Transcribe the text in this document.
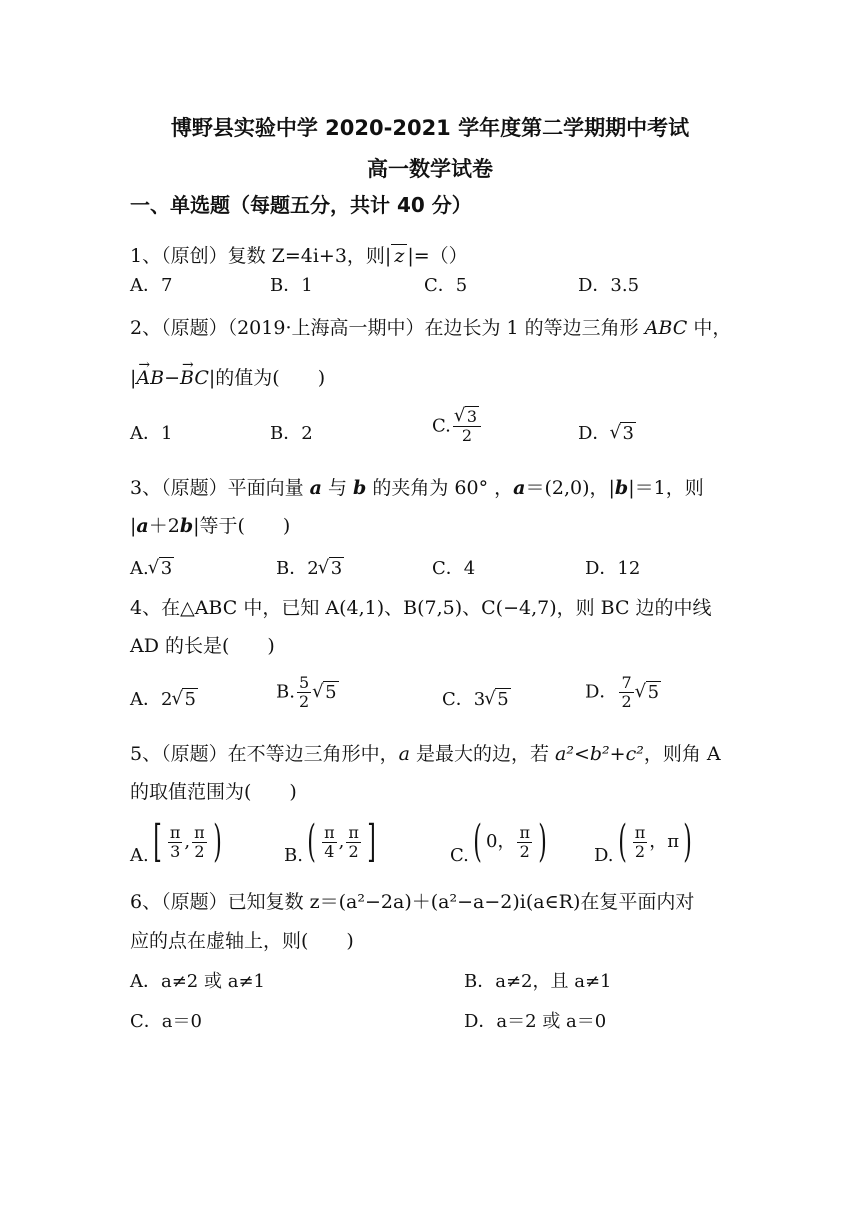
博野县实验中学 2020-2021 学年度第二学期期中考试
高一数学试卷
一、单选题（每题五分，共计 40 分）
1、（原创）复数 Z=4i+3，则| z |=（）
A．7	B．1	C．5	D．3.5
2、（原题）（2019·上海高一期中）在边长为 1 的等边三角形 ABC 中，
|→ AB−→ BC|的值为(　　)
A．1	B．2	C. √ $\frac{3}{2}$	D． √ 3
3、（原题）平面向量 a 与 b 的夹角为 60° ，a＝(2,0)，|b|＝1，则
|a＋2b|等于(　　)
A. √ 3	B．2 √ 3	C．4	D．12
4、在△ABC 中，已知 A(4,1)、B(7,5)、C(−4,7)，则 BC 边的中线
AD 的长是(　　)
A．2 √ 5	B. $\frac{5}{2}$ √ 5	C．3 √ 5	D． $\frac{7}{2}$ √ 5
5、（原题）在不等边三角形中，a 是最大的边，若 a²<b²+c²，则角 A
的取值范围为(　　)
$A.[ \frac{\pi}{3}$ , $\frac{\pi}{2}$ )	$B.( \frac{\pi}{4}$ , $\frac{\pi}{2}$ ]	C.( 0， $\frac{\pi}{2}$ )	$D.( \frac{\pi}{2}$ ，π)
6、（原题）已知复数 z＝(a²−2a)＋(a²−a−2)i(a∈R)在复平面内对
应的点在虚轴上，则(　　)
A．a≠2 或 a≠1	B．a≠2，且 a≠1
C．a＝0	D．a＝2 或 a＝0
